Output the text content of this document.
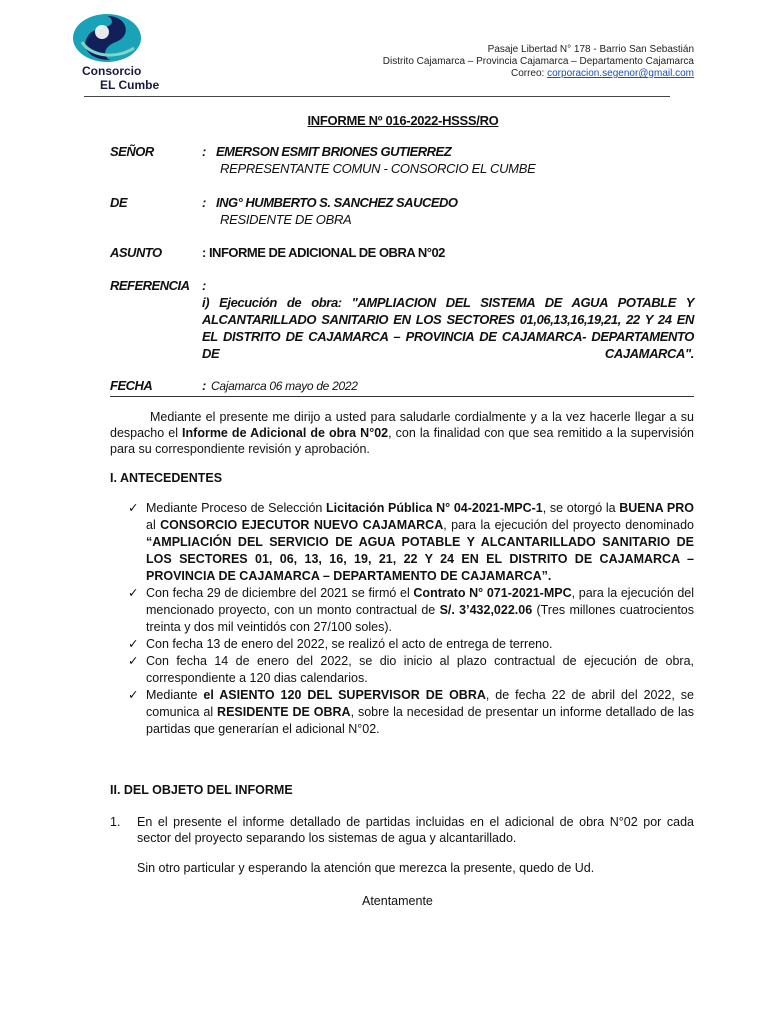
Consorcio
EL Cumbe
Pasaje Libertad N° 178 - Barrio San Sebastián
Distrito Cajamarca – Provincia Cajamarca – Departamento Cajamarca
Correo: corporacion.segenor@gmail.com
INFORME Nº 016-2022-HSSS/RO
SEÑOR	: EMERSON ESMIT BRIONES GUTIERREZ
REPRESENTANTE COMUN - CONSORCIO EL CUMBE
DE	: ING° HUMBERTO S. SANCHEZ SAUCEDO
RESIDENTE DE OBRA
ASUNTO	: INFORME DE ADICIONAL DE OBRA N°02
REFERENCIA :
i) Ejecución de obra: "AMPLIACION DEL SISTEMA DE AGUA POTABLE Y ALCANTARILLADO SANITARIO EN LOS SECTORES 01,06,13,16,19,21, 22 Y 24 EN EL DISTRITO DE CAJAMARCA – PROVINCIA DE CAJAMARCA- DEPARTAMENTO DE CAJAMARCA".
FECHA	: Cajamarca 06 mayo de 2022
Mediante el presente me dirijo a usted para saludarle cordialmente y a la vez hacerle llegar a su despacho el Informe de Adicional de obra N°02, con la finalidad con que sea remitido a la supervisión para su correspondiente revisión y aprobación.
I. ANTECEDENTES
✓ Mediante Proceso de Selección Licitación Pública N° 04-2021-MPC-1, se otorgó la BUENA PRO al CONSORCIO EJECUTOR NUEVO CAJAMARCA, para la ejecución del proyecto denominado “AMPLIACIÓN DEL SERVICIO DE AGUA POTABLE Y ALCANTARILLADO SANITARIO DE LOS SECTORES 01, 06, 13, 16, 19, 21, 22 Y 24 EN EL DISTRITO DE CAJAMARCA – PROVINCIA DE CAJAMARCA – DEPARTAMENTO DE CAJAMARCA”.
✓ Con fecha 29 de diciembre del 2021 se firmó el Contrato N° 071-2021-MPC, para la ejecución del mencionado proyecto, con un monto contractual de S/. 3’432,022.06 (Tres millones cuatrocientos treinta y dos mil veintidós con 27/100 soles).
✓ Con fecha 13 de enero del 2022, se realizó el acto de entrega de terreno.
✓ Con fecha 14 de enero del 2022, se dio inicio al plazo contractual de ejecución de obra, correspondiente a 120 dias calendarios.
✓ Mediante el ASIENTO 120 DEL SUPERVISOR DE OBRA, de fecha 22 de abril del 2022, se comunica al RESIDENTE DE OBRA, sobre la necesidad de presentar un informe detallado de las partidas que generarían el adicional N°02.
II. DEL OBJETO DEL INFORME
1. En el presente el informe detallado de partidas incluidas en el adicional de obra N°02 por cada sector del proyecto separando los sistemas de agua y alcantarillado.
Sin otro particular y esperando la atención que merezca la presente, quedo de Ud.
Atentamente
